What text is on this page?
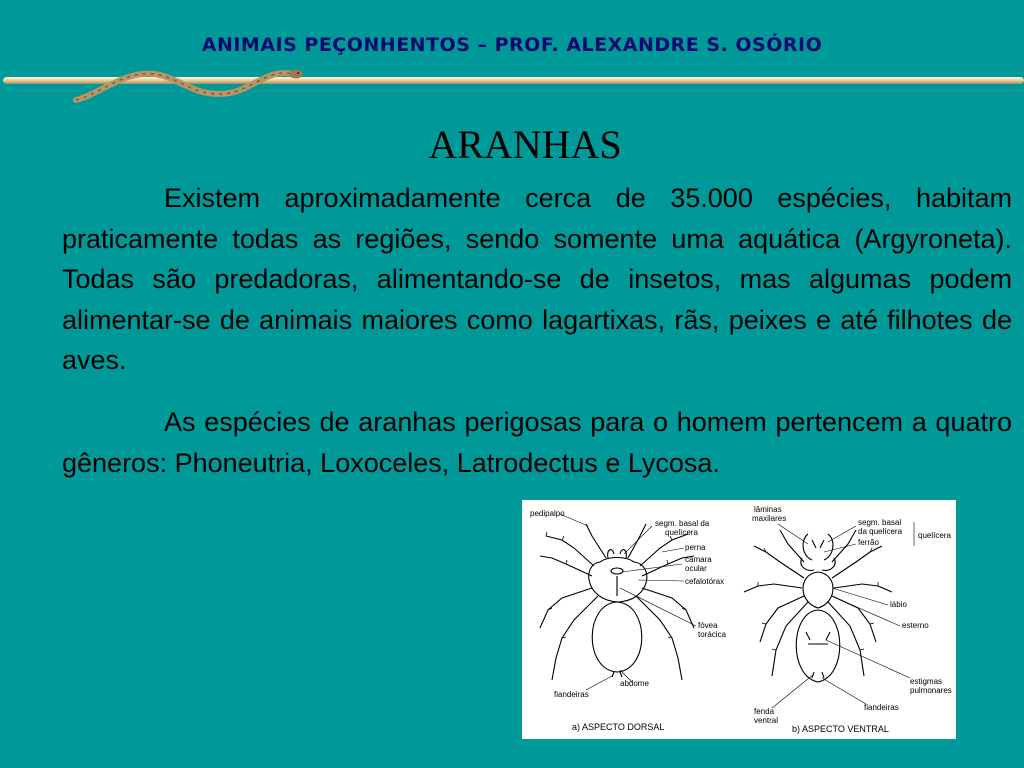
ANIMAIS PEÇONHENTOS – PROF. ALEXANDRE S. OSÓRIO
ARANHAS

Existem aproximadamente cerca de 35.000 espécies, habitam praticamente todas as regiões, sendo somente uma aquática (Argyroneta). Todas são predadoras, alimentando-se de insetos, mas algumas podem alimentar-se de animais maiores como lagartixas, rãs, peixes e até filhotes de aves.

As espécies de aranhas perigosas para o homem pertencem a quatro gêneros: Phoneutria, Loxoceles, Latrodectus e Lycosa.

pedipalpo
segm. basal da
quelícera
perna
câmara
ocular
cefalotórax
fóvea
torácica
abdome
fiandeiras
a) ASPECTO DORSAL
lâminas
maxilares	segm. basal
da quelícera
ferrão
quelícera
lábio
esterno
estigmas
pulmonares
fiandeiras
fenda
ventral
b) ASPECTO VENTRAL
